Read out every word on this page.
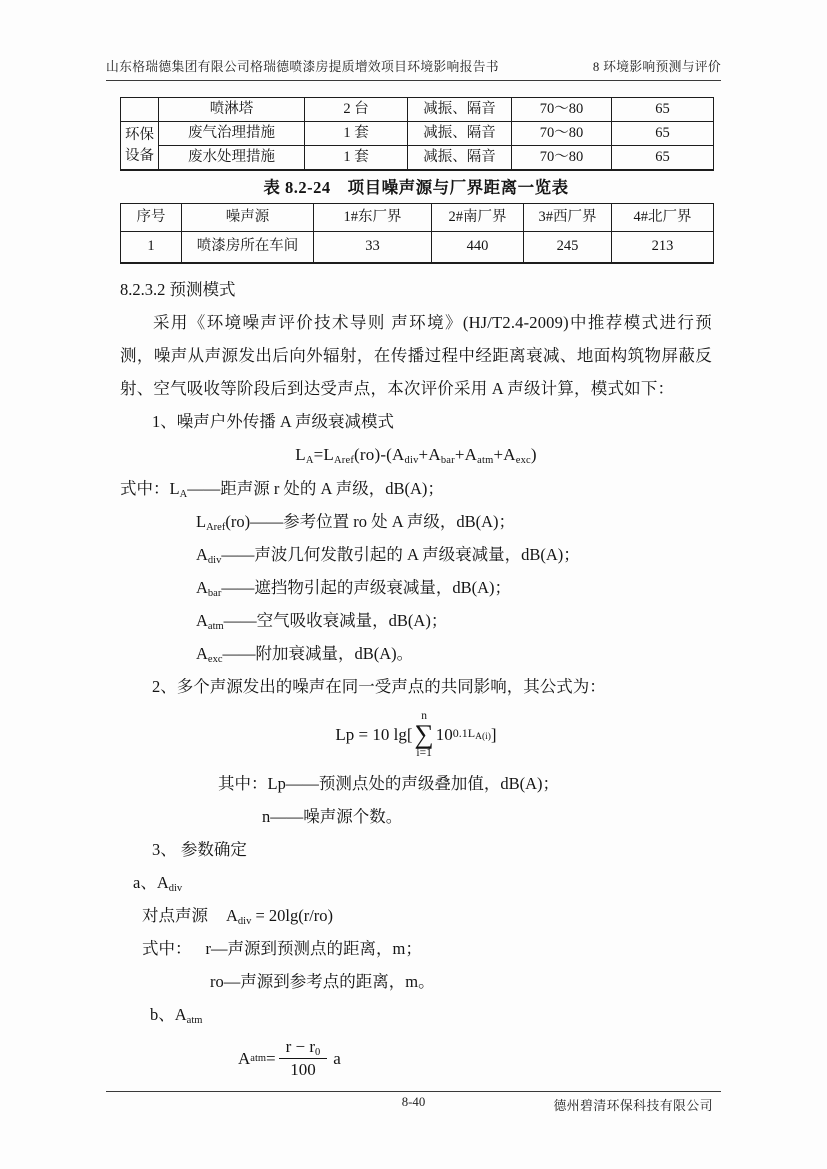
山东格瑞德集团有限公司格瑞德喷漆房提质增效项目环境影响报告书	8 环境影响预测与评价
	喷淋塔	2 台	减振、隔音	70～80	65
环保设备	废气治理措施	1 套	减振、隔音	70～80	65
	废水处理措施	1 套	减振、隔音	70～80	65
表 8.2-24　项目噪声源与厂界距离一览表
序号	噪声源	1#东厂界	2#南厂界	3#西厂界	4#北厂界
1	喷漆房所在车间	33	440	245	213
8.2.3.2 预测模式

采用《环境噪声评价技术导则 声环境》(HJ/T2.4-2009)中推荐模式进行预测，噪声从声源发出后向外辐射，在传播过程中经距离衰减、地面构筑物屏蔽反射、空气吸收等阶段后到达受声点，本次评价采用 A 声级计算，模式如下：

1、噪声户外传播 A 声级衰减模式
$L_A=L_{Aref}(ro)-(A_{div}+A_{bar}+A_{atm}+A_{exc})$
式中：$L_A——$距声源 r 处的 A 声级，dB(A)；
$L_{Aref}(ro)——$参考位置 ro 处 A 声级，dB(A)；
$A_{div}——$声波几何发散引起的 A 声级衰减量，dB(A)；
$A_{bar}——$遮挡物引起的声级衰减量，dB(A)；
$A_{atm}——$空气吸收衰减量，dB(A)；
$A_{exc}——$附加衰减量，dB(A)。
2、多个声源发出的噪声在同一受声点的共同影响，其公式为：
Lp = 10 lg[
n
∑
i=1
10 $0.1L_{A(i)}$ ]
其中：Lp——预测点处的声级叠加值，dB(A)；
n——噪声源个数。
3、 参数确定
a、$A_{div}$
对点声源 $A_{div} = 20\lg(r/ro)$
式中： r—声源到预测点的距离，m；
ro—声源到参考点的距离，m。
b、$A_{atm}$
A atm = $\frac{r - r_0}{100}$ a
8-40	德州碧清环保科技有限公司
